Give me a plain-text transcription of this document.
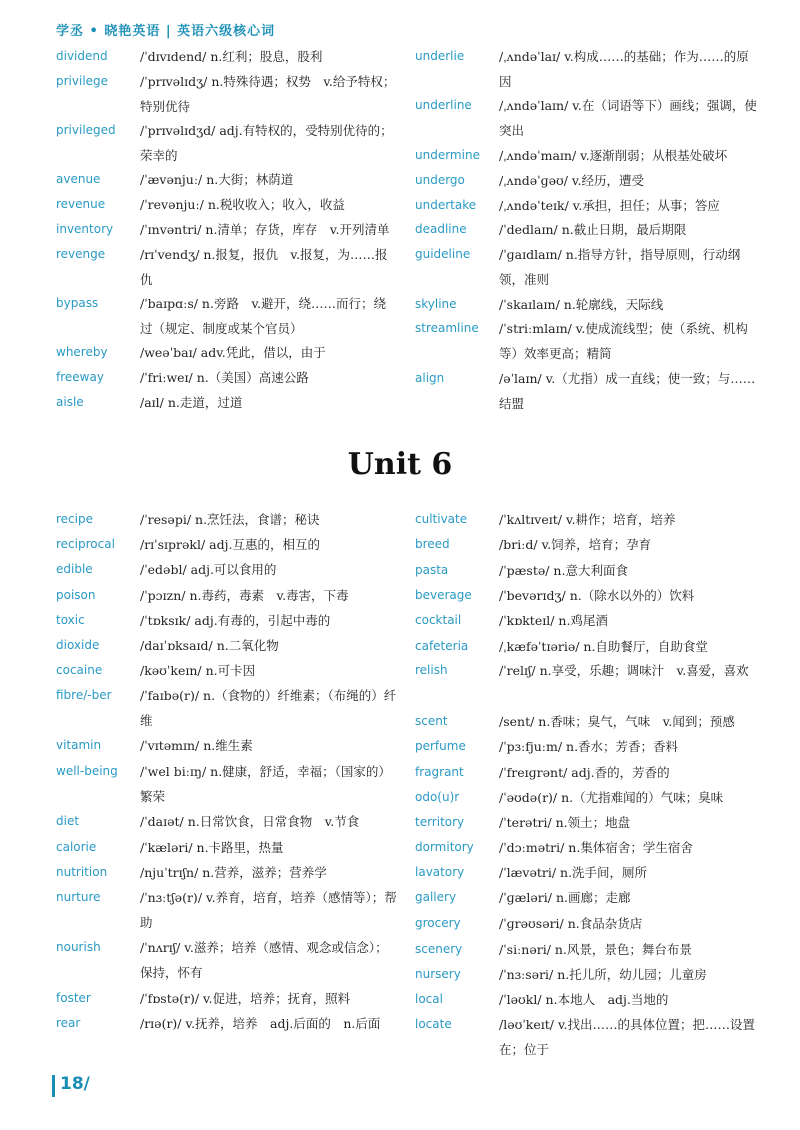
学丞 • 晓艳英语 | 英语六级核心词
dividend	/ˈdɪvɪdend/ n.红利；股息，股利
privilege	/ˈprɪvəlɪdʒ/ n.特殊待遇；权势　v.给予特权；特别优待
privileged	/ˈprɪvəlɪdʒd/ adj.有特权的，受特别优待的；荣幸的
avenue	/ˈævənjuː/ n.大街；林荫道
revenue	/ˈrevənjuː/ n.税收收入；收入，收益
inventory	/ˈɪnvəntri/ n.清单；存货，库存　v.开列清单
revenge	/rɪˈvendʒ/ n.报复，报仇　v.报复，为……报仇
bypass	/ˈbaɪpɑːs/ n.旁路　v.避开，绕……而行；绕过（规定、制度或某个官员）
whereby	/weəˈbaɪ/ adv.凭此，借以，由于
freeway	/ˈfriːweɪ/ n.（美国）高速公路
aisle	/aɪl/ n.走道，过道
underlie	/ˌʌndəˈlaɪ/ v.构成……的基础；作为……的原因
underline	/ˌʌndəˈlaɪn/ v.在（词语等下）画线；强调，使突出
undermine	/ˌʌndəˈmaɪn/ v.逐渐削弱；从根基处破坏
undergo	/ˌʌndəˈɡəʊ/ v.经历，遭受
undertake	/ˌʌndəˈteɪk/ v.承担，担任；从事；答应
deadline	/ˈdedlaɪn/ n.截止日期，最后期限
guideline	/ˈɡaɪdlaɪn/ n.指导方针，指导原则，行动纲领，准则
skyline	/ˈskaɪlaɪn/ n.轮廓线，天际线
streamline	/ˈstriːmlaɪn/ v.使成流线型；使（系统、机构等）效率更高；精简
align	/əˈlaɪn/ v.（尤指）成一直线；使一致；与……结盟
Unit 6
recipe	/ˈresəpi/ n.烹饪法，食谱；秘诀
reciprocal	/rɪˈsɪprəkl/ adj.互惠的，相互的
edible	/ˈedəbl/ adj.可以食用的
poison	/ˈpɔɪzn/ n.毒药，毒素　v.毒害，下毒
toxic	/ˈtɒksɪk/ adj.有毒的，引起中毒的
dioxide	/daɪˈɒksaɪd/ n.二氧化物
cocaine	/kəʊˈkeɪn/ n.可卡因
fibre/-ber	/ˈfaɪbə(r)/ n.（食物的）纤维素；（布绳的）纤维
vitamin	/ˈvɪtəmɪn/ n.维生素
well-being	/ˈwel biːɪŋ/ n.健康，舒适，幸福；（国家的）繁荣
diet	/ˈdaɪət/ n.日常饮食，日常食物　v.节食
calorie	/ˈkæləri/ n.卡路里，热量
nutrition	/njuˈtrɪʃn/ n.营养，滋养；营养学
nurture	/ˈnɜːtʃə(r)/ v.养育，培育，培养（感情等）；帮助
nourish	/ˈnʌrɪʃ/ v.滋养；培养（感情、观念或信念）；保持，怀有
foster	/ˈfɒstə(r)/ v.促进，培养；抚育，照料
rear	/rɪə(r)/ v.抚养，培养　adj.后面的　n.后面
cultivate	/ˈkʌltɪveɪt/ v.耕作；培育，培养
breed	/briːd/ v.饲养，培育；孕育
pasta	/ˈpæstə/ n.意大利面食
beverage	/ˈbevərɪdʒ/ n.（除水以外的）饮料
cocktail	/ˈkɒkteɪl/ n.鸡尾酒
cafeteria	/ˌkæfəˈtɪəriə/ n.自助餐厅，自助食堂
relish	/ˈrelɪʃ/ n.享受，乐趣；调味汁　v.喜爱，喜欢
scent	/sent/ n.香味；臭气，气味　v.闻到；预感
perfume	/ˈpɜːfjuːm/ n.香水；芳香；香料
fragrant	/ˈfreɪɡrənt/ adj.香的，芳香的
odo(u)r	/ˈəʊdə(r)/ n.（尤指难闻的）气味；臭味
territory	/ˈterətri/ n.领土；地盘
dormitory	/ˈdɔːmətri/ n.集体宿舍；学生宿舍
lavatory	/ˈlævətri/ n.洗手间，厕所
gallery	/ˈɡæləri/ n.画廊；走廊
grocery	/ˈɡrəʊsəri/ n.食品杂货店
scenery	/ˈsiːnəri/ n.风景，景色；舞台布景
nursery	/ˈnɜːsəri/ n.托儿所，幼儿园；儿童房
local	/ˈləʊkl/ n.本地人　adj.当地的
locate	/ləʊˈkeɪt/ v.找出……的具体位置；把……设置在；位于
18/
